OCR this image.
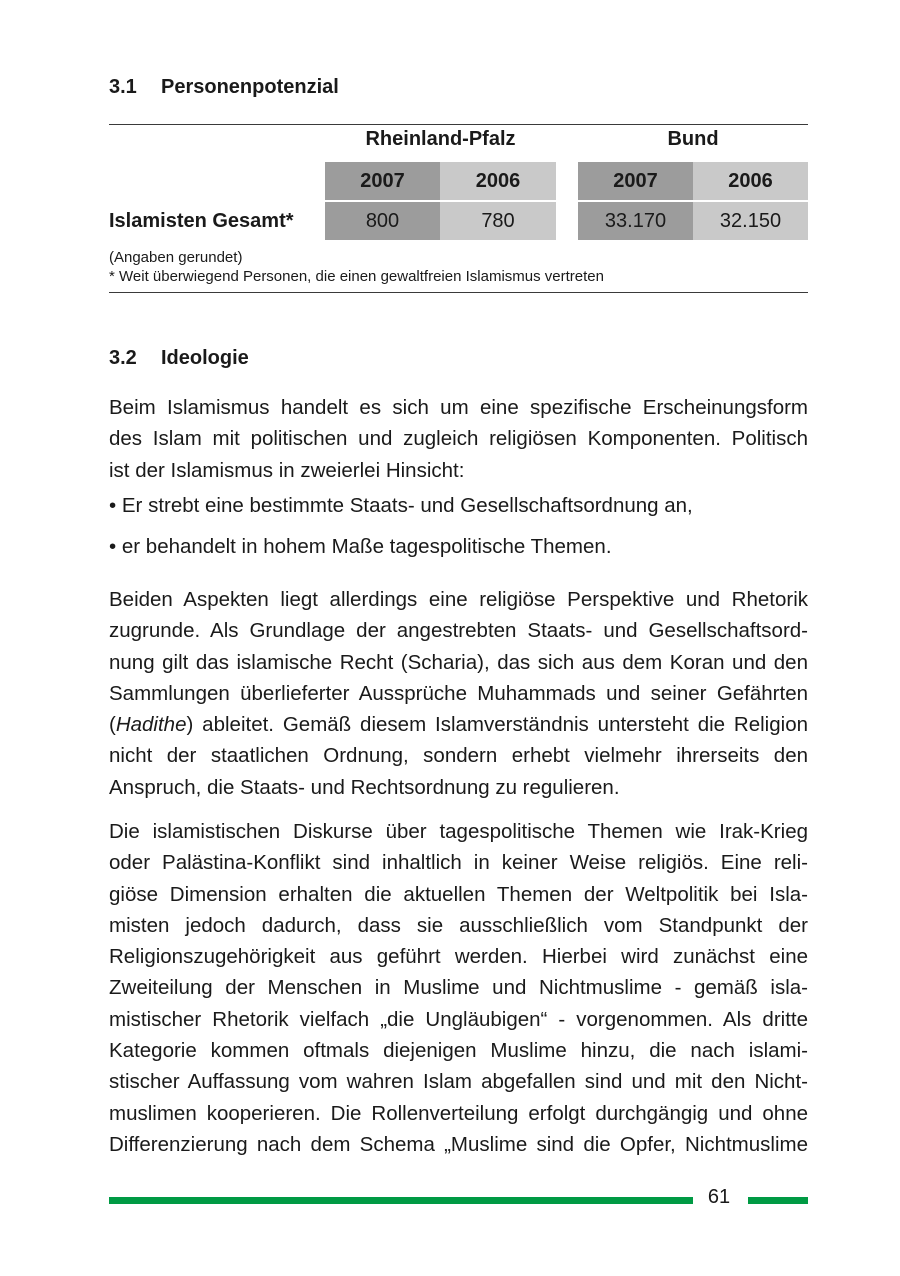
3.1 Personenpotenzial
Rheinland-Pfalz	Bund
2007	2006	2007	2006
Islamisten Gesamt*	800	780	33.170	32.150
(Angaben gerundet)
* Weit überwiegend Personen, die einen gewaltfreien Islamismus vertreten
3.2 Ideologie
Beim Islamismus handelt es sich um eine spezifische Erscheinungsform
des Islam mit politischen und zugleich religiösen Komponenten. Politisch
ist der Islamismus in zweierlei Hinsicht:
• Er strebt eine bestimmte Staats- und Gesellschaftsordnung an,
• er behandelt in hohem Maße tagespolitische Themen.
Beiden Aspekten liegt allerdings eine religiöse Perspektive und Rhetorik
zugrunde. Als Grundlage der angestrebten Staats- und Gesellschaftsord-
nung gilt das islamische Recht (Scharia), das sich aus dem Koran und den
Sammlungen überlieferter Aussprüche Muhammads und seiner Gefährten
(Hadithe) ableitet. Gemäß diesem Islamverständnis untersteht die Religion
nicht der staatlichen Ordnung, sondern erhebt vielmehr ihrerseits den
Anspruch, die Staats- und Rechtsordnung zu regulieren.
Die islamistischen Diskurse über tagespolitische Themen wie Irak-Krieg
oder Palästina-Konflikt sind inhaltlich in keiner Weise religiös. Eine reli-
giöse Dimension erhalten die aktuellen Themen der Weltpolitik bei Isla-
misten jedoch dadurch, dass sie ausschließlich vom Standpunkt der
Religionszugehörigkeit aus geführt werden. Hierbei wird zunächst eine
Zweiteilung der Menschen in Muslime und Nichtmuslime - gemäß isla-
mistischer Rhetorik vielfach „die Ungläubigen“ - vorgenommen. Als dritte
Kategorie kommen oftmals diejenigen Muslime hinzu, die nach islami-
stischer Auffassung vom wahren Islam abgefallen sind und mit den Nicht-
muslimen kooperieren. Die Rollenverteilung erfolgt durchgängig und ohne
Differenzierung nach dem Schema „Muslime sind die Opfer, Nichtmuslime
61
